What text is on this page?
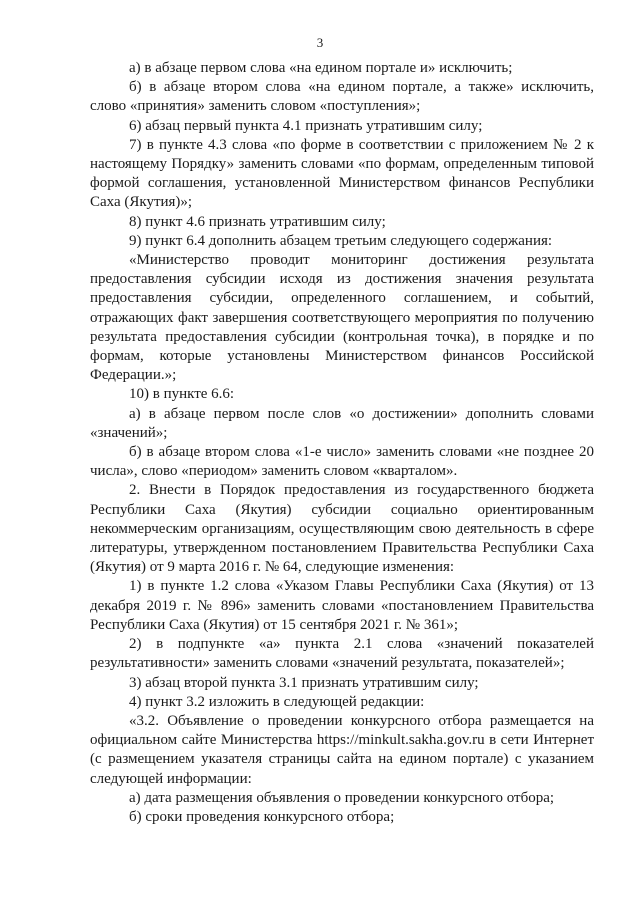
3

а) в абзаце первом слова «на едином портале и» исключить;

б) в абзаце втором слова «на едином портале, а также» исключить, слово «принятия» заменить словом «поступления»;

6) абзац первый пункта 4.1 признать утратившим силу;

7) в пункте 4.3 слова «по форме в соответствии с приложением № 2 к настоящему Порядку» заменить словами «по формам, определенным типовой формой соглашения, установленной Министерством финансов Республики Саха (Якутия)»;

8) пункт 4.6 признать утратившим силу;

9) пункт 6.4 дополнить абзацем третьим следующего содержания:

«Министерство проводит мониторинг достижения результата предоставления субсидии исходя из достижения значения результата предоставления субсидии, определенного соглашением, и событий, отражающих факт завершения соответствующего мероприятия по получению результата предоставления субсидии (контрольная точка), в порядке и по формам, которые установлены Министерством финансов Российской Федерации.»;

10) в пункте 6.6:

а) в абзаце первом после слов «о достижении» дополнить словами «значений»;

б) в абзаце втором слова «1-е число» заменить словами «не позднее 20 числа», слово «периодом» заменить словом «кварталом».

2. Внести в Порядок предоставления из государственного бюджета Республики Саха (Якутия) субсидии социально ориентированным некоммерческим организациям, осуществляющим свою деятельность в сфере литературы, утвержденном постановлением Правительства Республики Саха (Якутия) от 9 марта 2016 г. № 64, следующие изменения:

1) в пункте 1.2 слова «Указом Главы Республики Саха (Якутия) от 13 декабря 2019 г. № 896» заменить словами «постановлением Правительства Республики Саха (Якутия) от 15 сентября 2021 г. № 361»;

2) в подпункте «а» пункта 2.1 слова «значений показателей результативности» заменить словами «значений результата, показателей»;

3) абзац второй пункта 3.1 признать утратившим силу;

4) пункт 3.2 изложить в следующей редакции:

«3.2. Объявление о проведении конкурсного отбора размещается на официальном сайте Министерства https://minkult.sakha.gov.ru в сети Интернет (с размещением указателя страницы сайта на едином портале) с указанием следующей информации:

а) дата размещения объявления о проведении конкурсного отбора;

б) сроки проведения конкурсного отбора;
